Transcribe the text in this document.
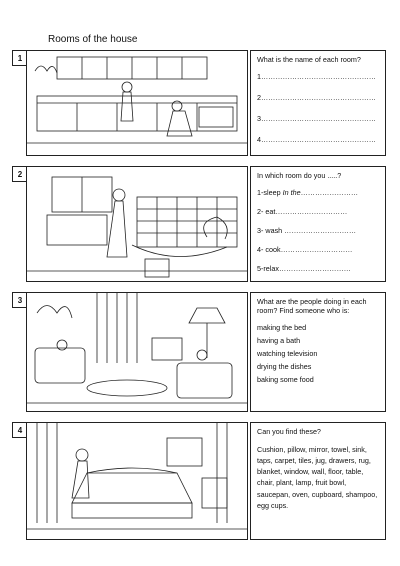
Rooms of the house
1	What is the name of each room?
1…………………………………………
2…………………………………………
3…………………………………………
4…………………………………………
2	In which room do you .....?
1-sleep In the……………………
2- eat…………………………
3- wash …………………………
4- cook…………………………
5-relax…………………………
3	What are the people doing in each room? Find someone who is:
making the bed
having a bath
watching television
drying the dishes
baking some food
4	Can you find these?
Cushion, pillow, mirror, towel, sink, taps, carpet, tiles, jug, drawers, rug, blanket, window, wall, floor, table, chair, plant, lamp, fruit bowl, saucepan, oven, cupboard, shampoo, egg cups.
